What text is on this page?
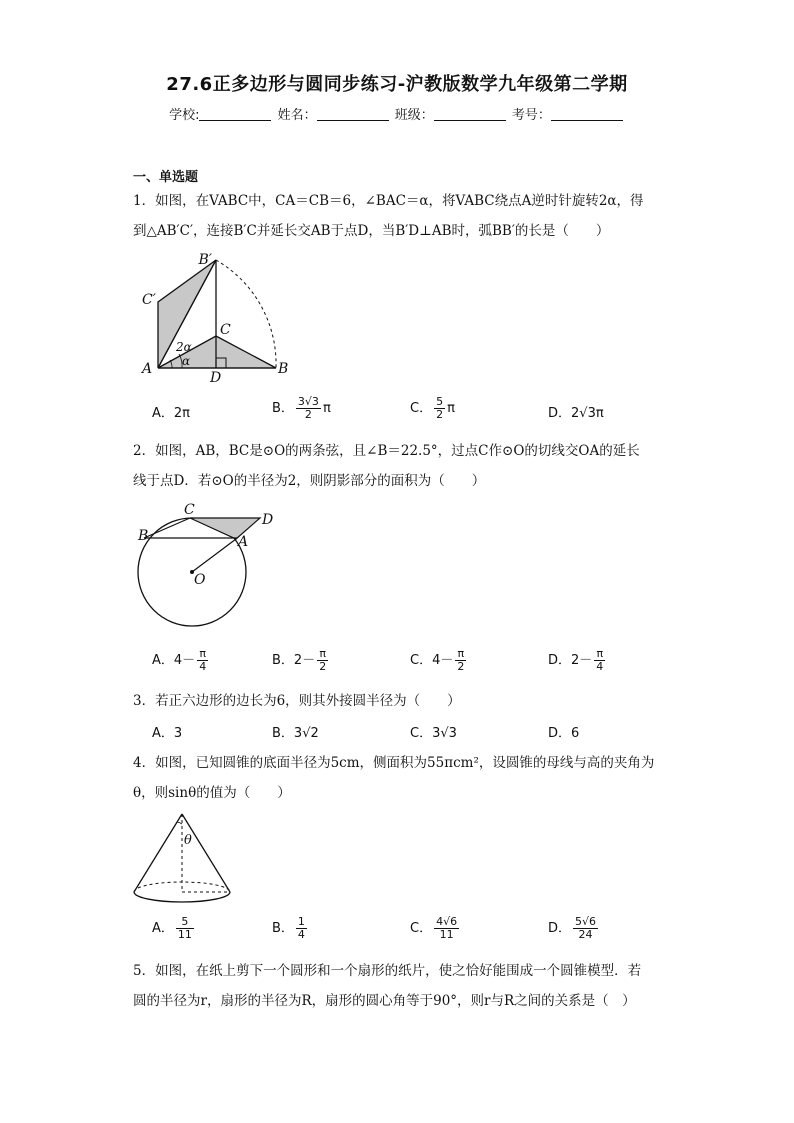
27.6正多边形与圆同步练习-沪教版数学九年级第二学期
学校:	姓名：	班级：	考号：
一、单选题
1．如图，在VABC中，CA＝CB＝6，∠BAC＝α，将VABC绕点A逆时针旋转2α，得
到△AB′C′，连接B′C并延长交AB于点D，当B′D⊥AB时，弧BB′的长是（　　）
B′
C′
C
2α
α
A
D
B
A．2π	B． $\frac{3√3}{2}$ π	C． $\frac{5}{2}$ π	D．2√3π
2．如图，AB，BC是⊙O的两条弦，且∠B＝22.5°，过点C作⊙O的切线交OA的延长
线于点D．若⊙O的半径为2，则阴影部分的面积为（　　）
B
C
D
A
O
A．$4- \frac{\pi}{4}$	B．$2- \frac{\pi}{2}$	C．$4- \frac{\pi}{2}$	D．$2- \frac{\pi}{4}$
3．若正六边形的边长为6，则其外接圆半径为（　　）
A．3	B．3√2	C．3√3	D．6
4．如图，已知圆锥的底面半径为5cm，侧面积为55πcm²，设圆锥的母线与高的夹角为
θ，则sinθ的值为（　　）
θ
A． $\frac{5}{11}$	B． $\frac{1}{4}$	C． $\frac{4√6}{11}$	D． $\frac{5√6}{24}$
5．如图，在纸上剪下一个圆形和一个扇形的纸片，使之恰好能围成一个圆锥模型．若
圆的半径为r，扇形的半径为R，扇形的圆心角等于90°，则r与R之间的关系是（　）
